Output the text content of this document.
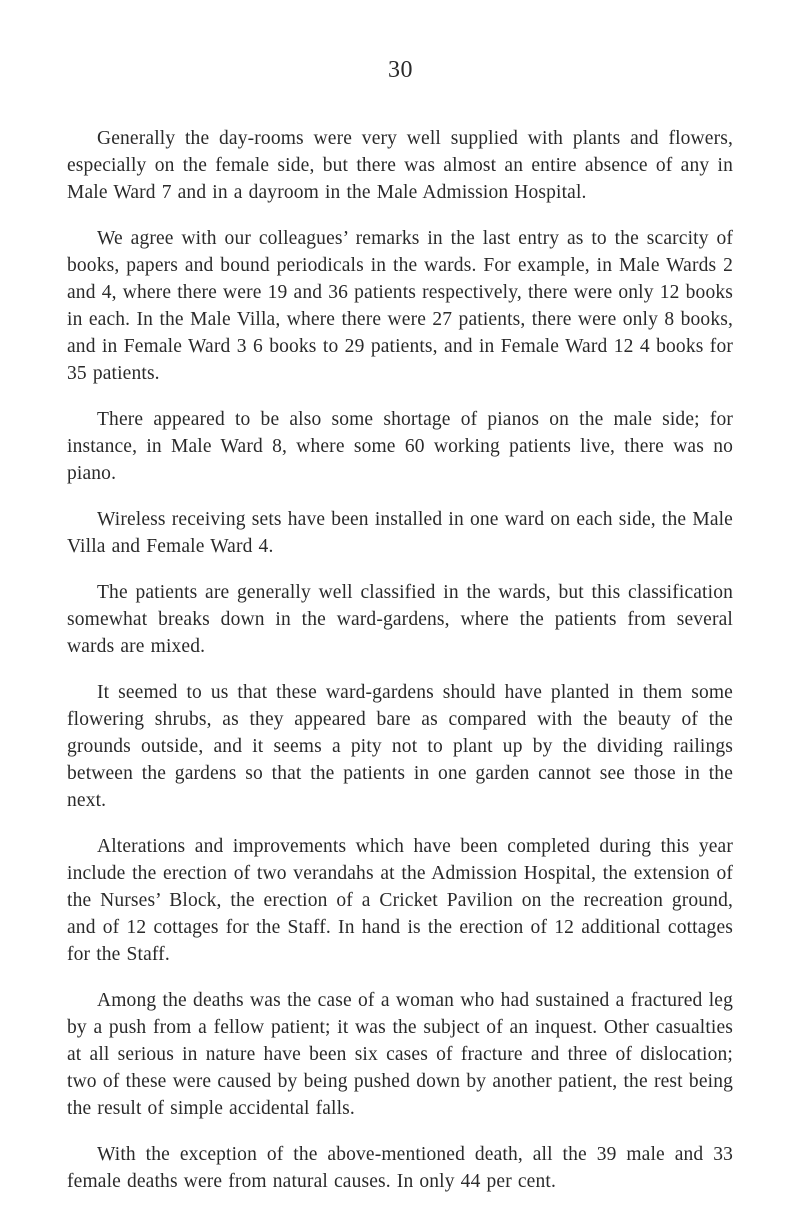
30

Generally the day-rooms were very well supplied with plants and flowers, especially on the female side, but there was almost an entire absence of any in Male Ward 7 and in a dayroom in the Male Admission Hospital.

We agree with our colleagues’ remarks in the last entry as to the scarcity of books, papers and bound periodicals in the wards. For example, in Male Wards 2 and 4, where there were 19 and 36 patients respectively, there were only 12 books in each. In the Male Villa, where there were 27 patients, there were only 8 books, and in Female Ward 3 6 books to 29 patients, and in Female Ward 12 4 books for 35 patients.

There appeared to be also some shortage of pianos on the male side; for instance, in Male Ward 8, where some 60 working patients live, there was no piano.

Wireless receiving sets have been installed in one ward on each side, the Male Villa and Female Ward 4.

The patients are generally well classified in the wards, but this classification somewhat breaks down in the ward-gardens, where the patients from several wards are mixed.

It seemed to us that these ward-gardens should have planted in them some flowering shrubs, as they appeared bare as compared with the beauty of the grounds outside, and it seems a pity not to plant up by the dividing railings between the gardens so that the patients in one garden cannot see those in the next.

Alterations and improvements which have been completed during this year include the erection of two verandahs at the Admission Hospital, the extension of the Nurses’ Block, the erection of a Cricket Pavilion on the recreation ground, and of 12 cottages for the Staff. In hand is the erection of 12 additional cottages for the Staff.

Among the deaths was the case of a woman who had sustained a fractured leg by a push from a fellow patient; it was the subject of an inquest. Other casualties at all serious in nature have been six cases of fracture and three of dislocation; two of these were caused by being pushed down by another patient, the rest being the result of simple accidental falls.

With the exception of the above-mentioned death, all the 39 male and 33 female deaths were from natural causes. In only 44 per cent.
